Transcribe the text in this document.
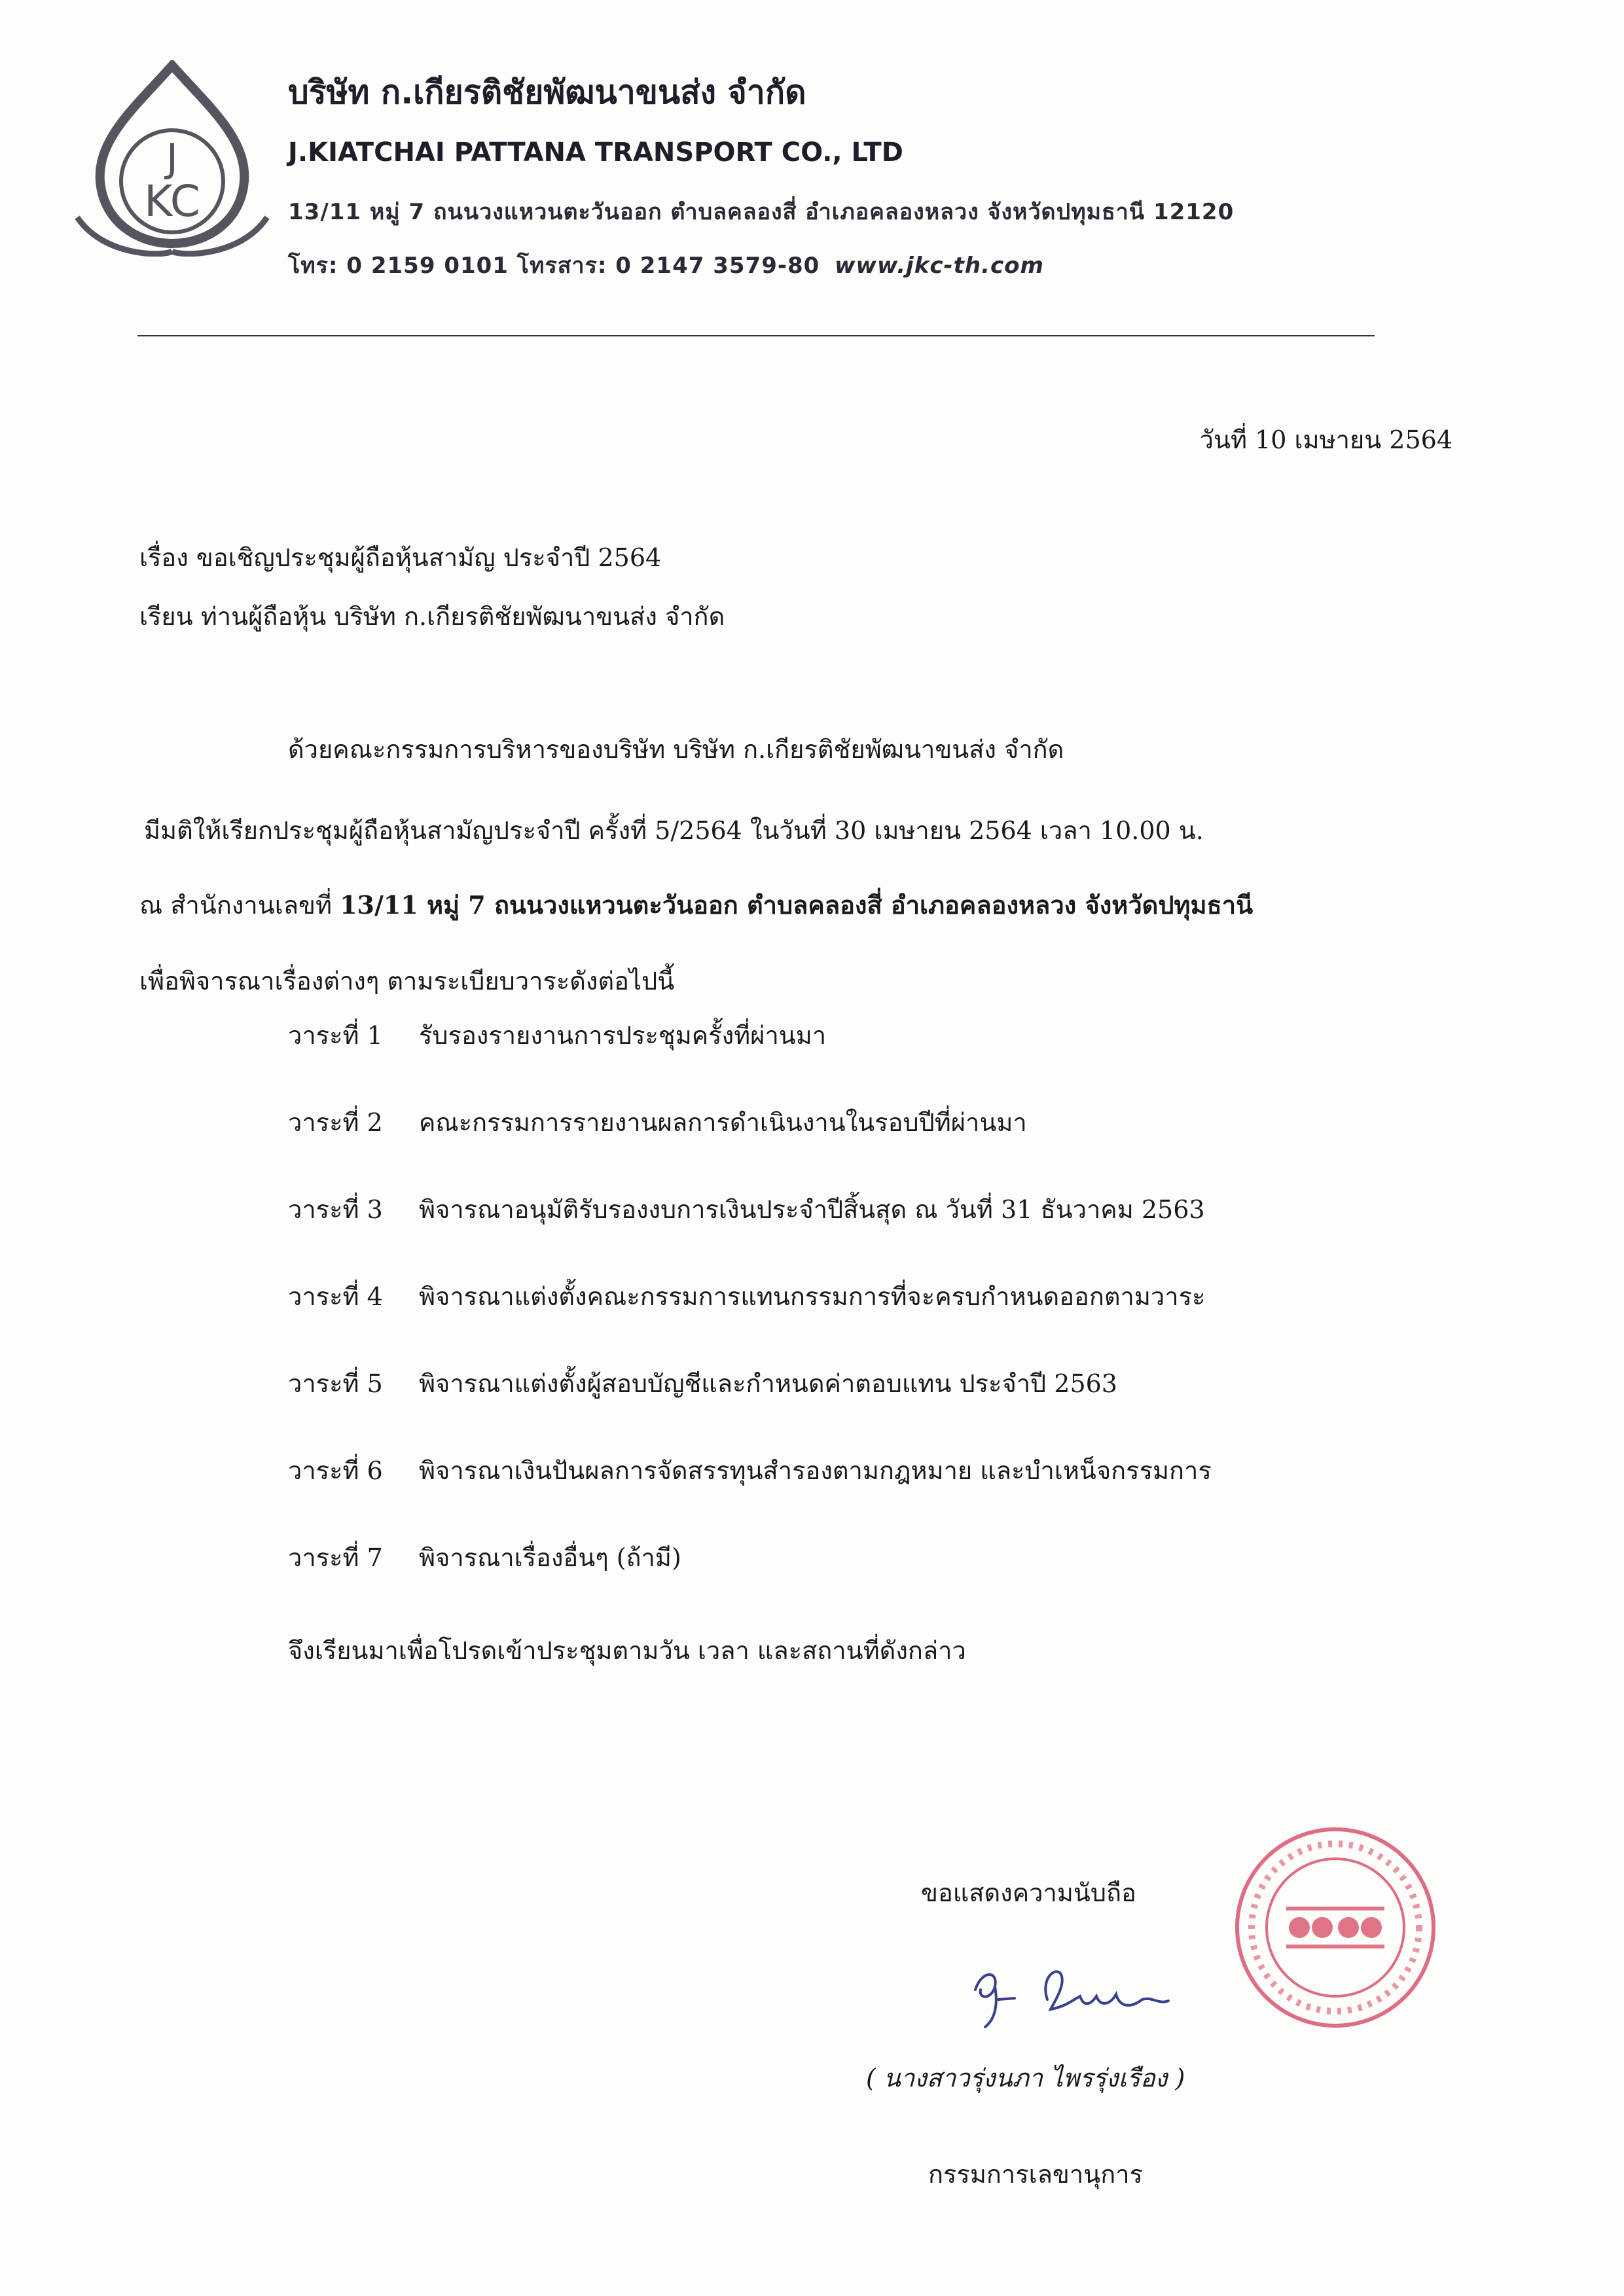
J
KC
บริษัท ก.เกียรติชัยพัฒนาขนส่ง จำกัด
J.KIATCHAI PATTANA TRANSPORT CO., LTD
13/11 หมู่ 7 ถนนวงแหวนตะวันออก ตำบลคลองสี่ อำเภอคลองหลวง จังหวัดปทุมธานี 12120
โทร: 0 2159 0101 โทรสาร: 0 2147 3579-80 www.jkc-th.com
วันที่ 10 เมษายน 2564
เรื่อง ขอเชิญประชุมผู้ถือหุ้นสามัญ ประจำปี 2564
เรียน ท่านผู้ถือหุ้น บริษัท ก.เกียรติชัยพัฒนาขนส่ง จำกัด
ด้วยคณะกรรมการบริหารของบริษัท บริษัท ก.เกียรติชัยพัฒนาขนส่ง จำกัด
มีมติให้เรียกประชุมผู้ถือหุ้นสามัญประจำปี ครั้งที่ 5/2564 ในวันที่ 30 เมษายน 2564 เวลา 10.00 น.
ณ สำนักงานเลขที่ 13/11 หมู่ 7 ถนนวงแหวนตะวันออก ตำบลคลองสี่ อำเภอคลองหลวง จังหวัดปทุมธานี
เพื่อพิจารณาเรื่องต่างๆ ตามระเบียบวาระดังต่อไปนี้
วาระที่ 1 รับรองรายงานการประชุมครั้งที่ผ่านมา
วาระที่ 2 คณะกรรมการรายงานผลการดำเนินงานในรอบปีที่ผ่านมา
วาระที่ 3 พิจารณาอนุมัติรับรองงบการเงินประจำปีสิ้นสุด ณ วันที่ 31 ธันวาคม 2563
วาระที่ 4 พิจารณาแต่งตั้งคณะกรรมการแทนกรรมการที่จะครบกำหนดออกตามวาระ
วาระที่ 5 พิจารณาแต่งตั้งผู้สอบบัญชีและกำหนดค่าตอบแทน ประจำปี 2563
วาระที่ 6 พิจารณาเงินปันผลการจัดสรรทุนสำรองตามกฎหมาย และบำเหน็จกรรมการ
วาระที่ 7 พิจารณาเรื่องอื่นๆ (ถ้ามี)
จึงเรียนมาเพื่อโปรดเข้าประชุมตามวัน เวลา และสถานที่ดังกล่าว
ขอแสดงความนับถือ
( นางสาวรุ่งนภา ไพรรุ่งเรือง )
กรรมการเลขานุการ
